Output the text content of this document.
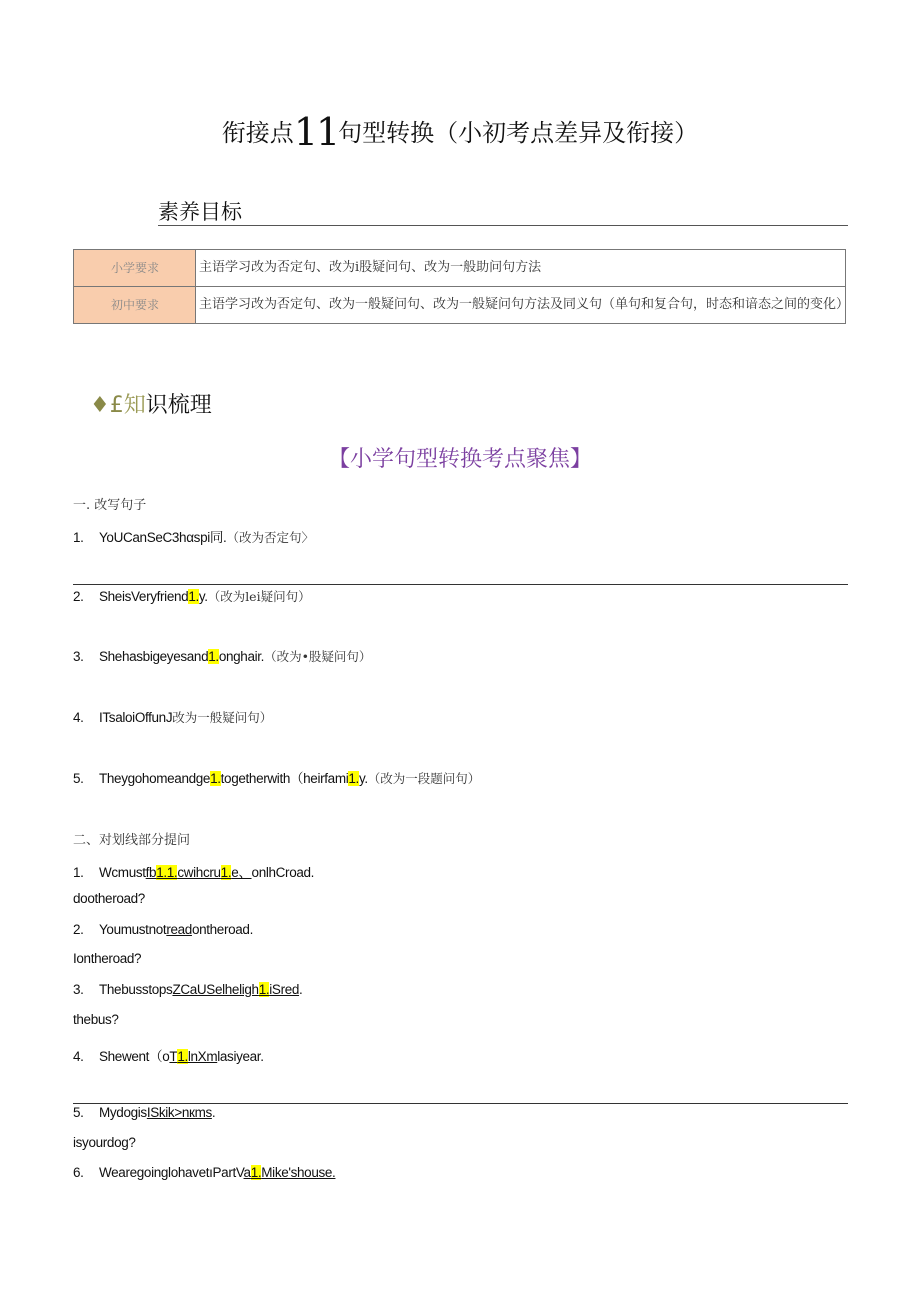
衔接点11句型转换（小初考点差异及衔接）
素养目标
小学要求	主语学习改为否定句、改为i股疑问句、改为一般助问句方法
初中要求	主语学习改为否定句、改为一般疑问句、改为一般疑问句方法及同义句（单句和复合句，时态和谙态之间的变化）
♦£知识梳理
【小学句型转换考点聚焦】
一. 改写句子
1. YoUCanSeC3hαspi同.（改为否定句〉
2. SheisVeryfriend1.y.（改为lei疑问句）
3. Shehasbigeyesand1.onghair.（改为•股疑问句）
4. ITsaloiOffunJ改为一般疑问句）
5. Theygohomeandge1.togetherwith（heirfami1.y.（改为一段题问句）
二、对划线部分提问
1. Wcmustfb1.1.cwihcru1.e、onlhCroad.
dootheroad?
2. Youmustnotreadontheroad.
Iontheroad?
3. ThebusstopsZCaUSelheligh1.iSred.
thebus?
4. Shewent（oT1.lnXmlasiyear.
5. MydogisISkik>nкms.
isyourdog?
6. WearegoinglohavetıPartVa1.Mike'shouse.
